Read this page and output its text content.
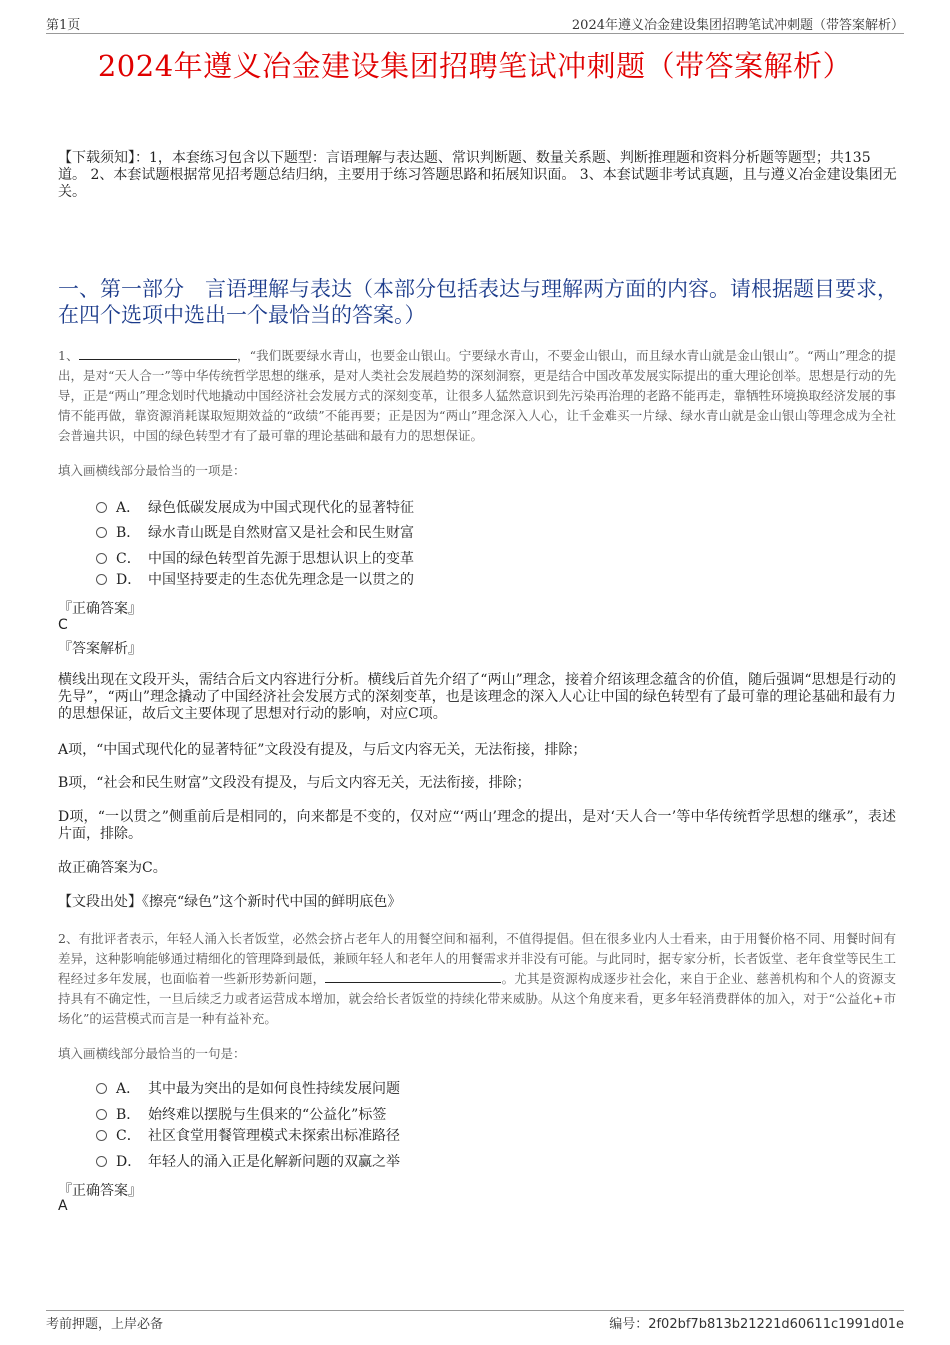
第1页	2024年遵义冶金建设集团招聘笔试冲刺题（带答案解析）
2024年遵义冶金建设集团招聘笔试冲刺题（带答案解析）
【下载须知】：1，本套练习包含以下题型：言语理解与表达题、常识判断题、数量关系题、判断推理题和资料分析题等题型；共135道。 2、本套试题根据常见招考题总结归纳，主要用于练习答题思路和拓展知识面。 3、本套试题非考试真题，且与遵义冶金建设集团无关。
一、第一部分　言语理解与表达（本部分包括表达与理解两方面的内容。请根据题目要求，在四个选项中选出一个最恰当的答案。）
1、	，“我们既要绿水青山，也要金山银山。宁要绿水青山，不要金山银山，而且绿水青山就是金山银山”。“两山”理念的提出，是对“天人合一”等中华传统哲学思想的继承，是对人类社会发展趋势的深刻洞察，更是结合中国改革发展实际提出的重大理论创举。思想是行动的先导，正是“两山”理念划时代地撬动中国经济社会发展方式的深刻变革，让很多人猛然意识到先污染再治理的老路不能再走，靠牺牲环境换取经济发展的事情不能再做，靠资源消耗谋取短期效益的“政绩”不能再要；正是因为“两山”理念深入人心，让千金难买一片绿、绿水青山就是金山银山等理念成为全社会普遍共识，中国的绿色转型才有了最可靠的理论基础和最有力的思想保证。
填入画横线部分最恰当的一项是：
A． 绿色低碳发展成为中国式现代化的显著特征
B． 绿水青山既是自然财富又是社会和民生财富
C． 中国的绿色转型首先源于思想认识上的变革
D． 中国坚持要走的生态优先理念是一以贯之的
『正确答案』
C
『答案解析』
横线出现在文段开头，需结合后文内容进行分析。横线后首先介绍了“两山”理念，接着介绍该理念蕴含的价值，随后强调“思想是行动的先导”，“两山”理念撬动了中国经济社会发展方式的深刻变革，也是该理念的深入人心让中国的绿色转型有了最可靠的理论基础和最有力的思想保证，故后文主要体现了思想对行动的影响，对应C项。
A项，“中国式现代化的显著特征”文段没有提及，与后文内容无关，无法衔接，排除；
B项，“社会和民生财富”文段没有提及，与后文内容无关，无法衔接，排除；
D项，“一以贯之”侧重前后是相同的，向来都是不变的，仅对应“‘两山’理念的提出，是对‘天人合一’等中华传统哲学思想的继承”，表述片面，排除。
故正确答案为C。
【文段出处】《擦亮“绿色”这个新时代中国的鲜明底色》
2、有批评者表示，年轻人涌入长者饭堂，必然会挤占老年人的用餐空间和福利，不值得提倡。但在很多业内人士看来，由于用餐价格不同、用餐时间有差异，这种影响能够通过精细化的管理降到最低，兼顾年轻人和老年人的用餐需求并非没有可能。与此同时，据专家分析，长者饭堂、老年食堂等民生工程经过多年发展，也面临着一些新形势新问题，	。尤其是资源构成逐步社会化，来自于企业、慈善机构和个人的资源支持具有不确定性，一旦后续乏力或者运营成本增加，就会给长者饭堂的持续化带来威胁。从这个角度来看，更多年轻消费群体的加入，对于“公益化+市场化”的运营模式而言是一种有益补充。
填入画横线部分最恰当的一句是：
A． 其中最为突出的是如何良性持续发展问题
B． 始终难以摆脱与生俱来的“公益化”标签
C． 社区食堂用餐管理模式未探索出标准路径
D． 年轻人的涌入正是化解新问题的双赢之举
『正确答案』
A
考前押题，上岸必备	编号：2f02bf7b813b21221d60611c1991d01e
